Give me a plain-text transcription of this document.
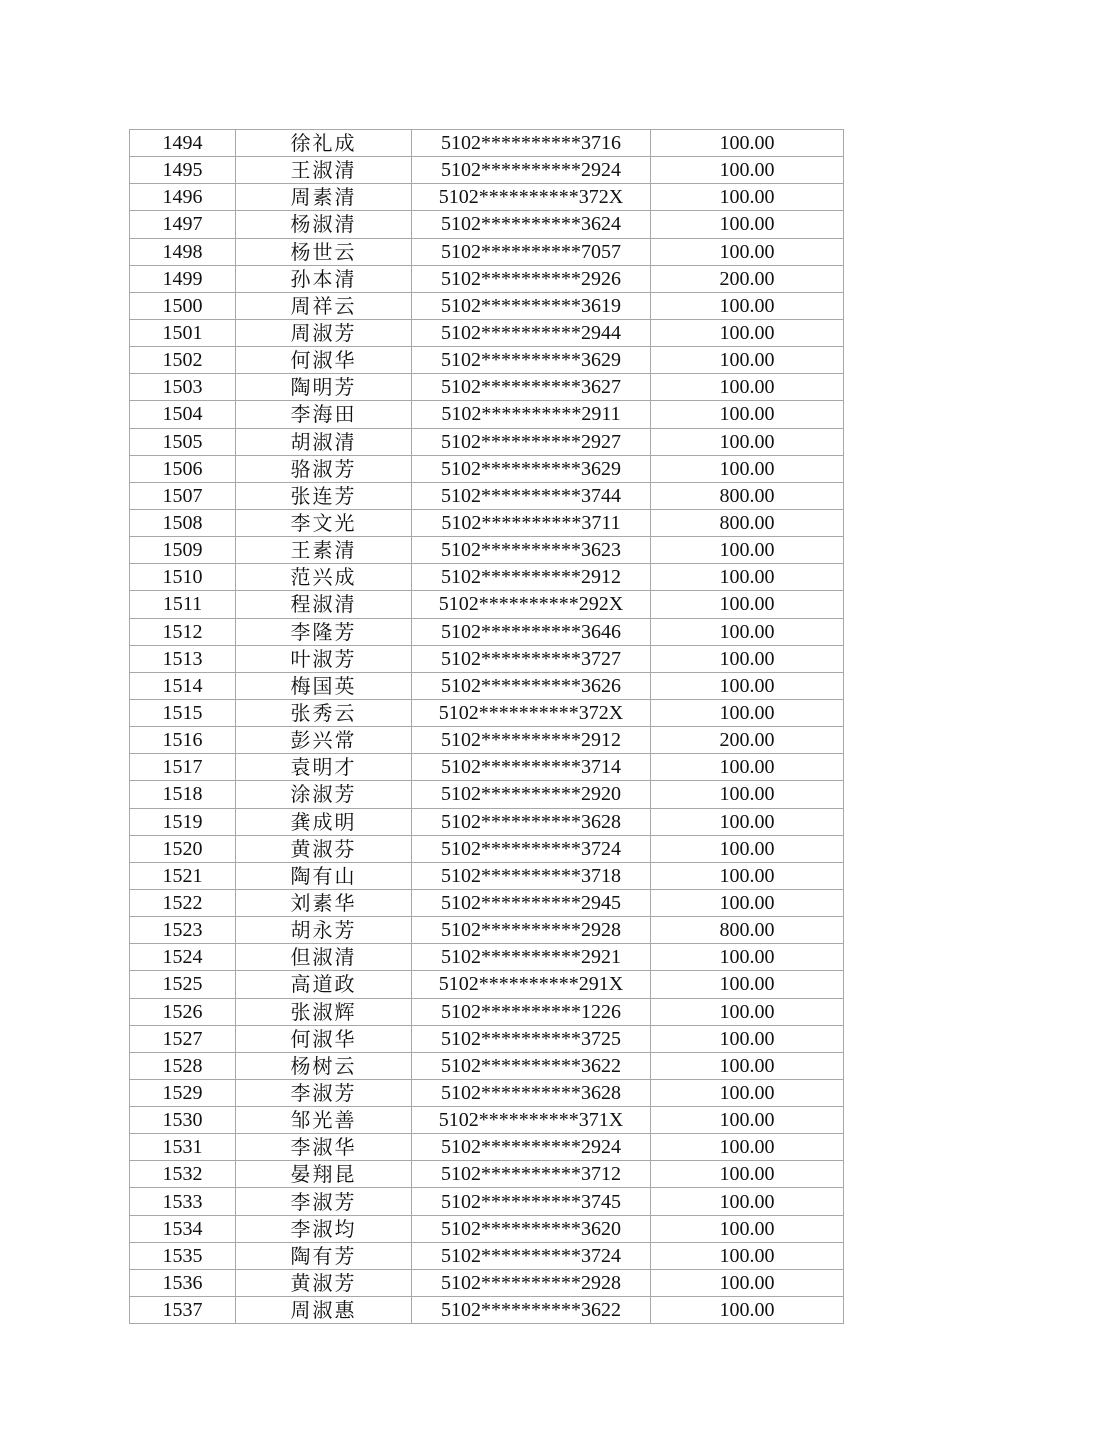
1494	徐礼成	5102**********3716	100.00
1495	王淑清	5102**********2924	100.00
1496	周素清	5102**********372X	100.00
1497	杨淑清	5102**********3624	100.00
1498	杨世云	5102**********7057	100.00
1499	孙本清	5102**********2926	200.00
1500	周祥云	5102**********3619	100.00
1501	周淑芳	5102**********2944	100.00
1502	何淑华	5102**********3629	100.00
1503	陶明芳	5102**********3627	100.00
1504	李海田	5102**********2911	100.00
1505	胡淑清	5102**********2927	100.00
1506	骆淑芳	5102**********3629	100.00
1507	张连芳	5102**********3744	800.00
1508	李文光	5102**********3711	800.00
1509	王素清	5102**********3623	100.00
1510	范兴成	5102**********2912	100.00
1511	程淑清	5102**********292X	100.00
1512	李隆芳	5102**********3646	100.00
1513	叶淑芳	5102**********3727	100.00
1514	梅国英	5102**********3626	100.00
1515	张秀云	5102**********372X	100.00
1516	彭兴常	5102**********2912	200.00
1517	袁明才	5102**********3714	100.00
1518	涂淑芳	5102**********2920	100.00
1519	龚成明	5102**********3628	100.00
1520	黄淑芬	5102**********3724	100.00
1521	陶有山	5102**********3718	100.00
1522	刘素华	5102**********2945	100.00
1523	胡永芳	5102**********2928	800.00
1524	但淑清	5102**********2921	100.00
1525	高道政	5102**********291X	100.00
1526	张淑辉	5102**********1226	100.00
1527	何淑华	5102**********3725	100.00
1528	杨树云	5102**********3622	100.00
1529	李淑芳	5102**********3628	100.00
1530	邹光善	5102**********371X	100.00
1531	李淑华	5102**********2924	100.00
1532	晏翔昆	5102**********3712	100.00
1533	李淑芳	5102**********3745	100.00
1534	李淑均	5102**********3620	100.00
1535	陶有芳	5102**********3724	100.00
1536	黄淑芳	5102**********2928	100.00
1537	周淑惠	5102**********3622	100.00
